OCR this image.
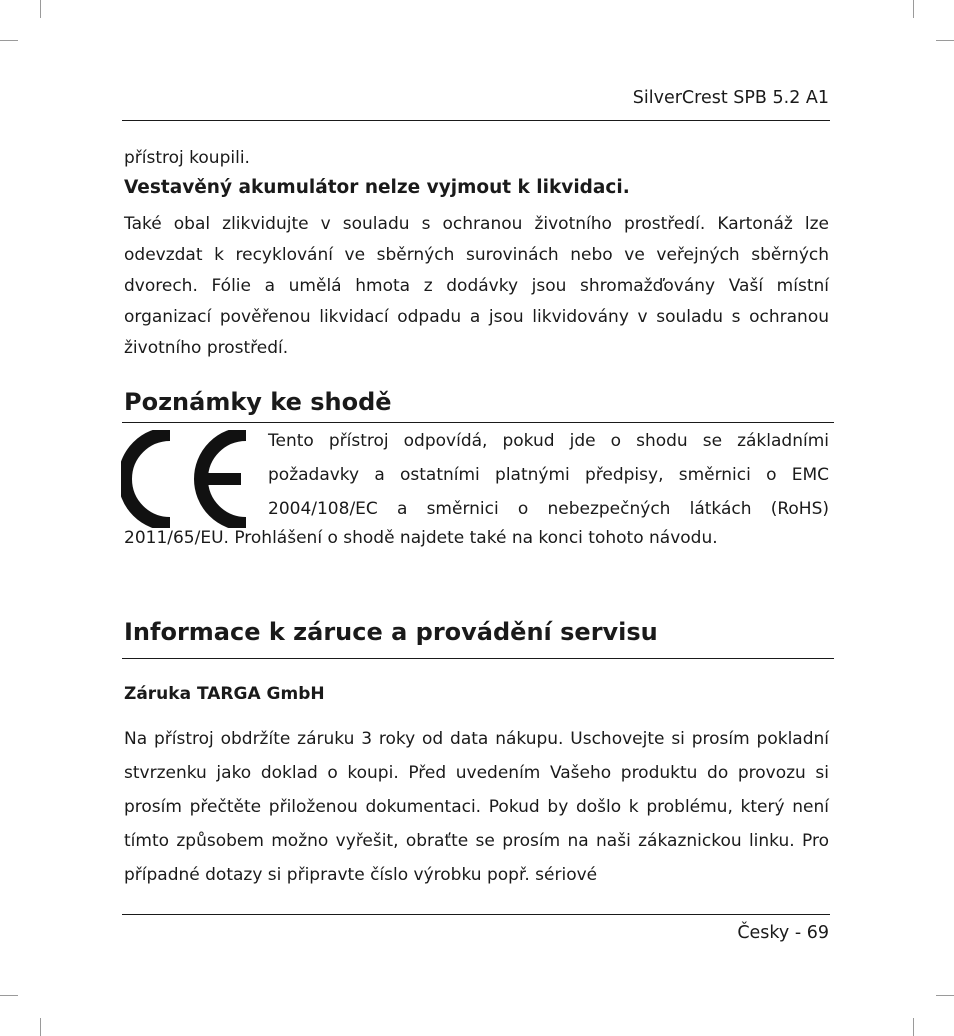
SilverCrest SPB 5.2 A1
přístroj koupili.
Vestavěný akumulátor nelze vyjmout k likvidaci.

Také obal zlikvidujte v souladu s ochranou životního prostředí. Kartonáž lze odevzdat k recyklování ve sběrných surovinách nebo ve veřejných sběrných dvorech. Fólie a umělá hmota z dodávky jsou shromažďovány Vaší místní organizací pověřenou likvidací odpadu a jsou likvidovány v souladu s ochranou životního prostředí.

Poznámky ke shodě
Tento přístroj odpovídá, pokud jde o shodu se základními
požadavky a ostatními platnými předpisy, směrnici o EMC
2004/108/EC a směrnici o nebezpečných látkách (RoHS)
2011/65/EU. Prohlášení o shodě najdete také na konci tohoto návodu.
Informace k záruce a provádění servisu
Záruka TARGA GmbH

Na přístroj obdržíte záruku 3 roky od data nákupu. Uschovejte si prosím pokladní stvrzenku jako doklad o koupi. Před uvedením Vašeho produktu do provozu si prosím přečtěte přiloženou dokumentaci. Pokud by došlo k problému, který není tímto způsobem možno vyřešit, obraťte se prosím na naši zákaznickou linku. Pro případné dotazy si připravte číslo výrobku popř. sériové

Česky - 69
